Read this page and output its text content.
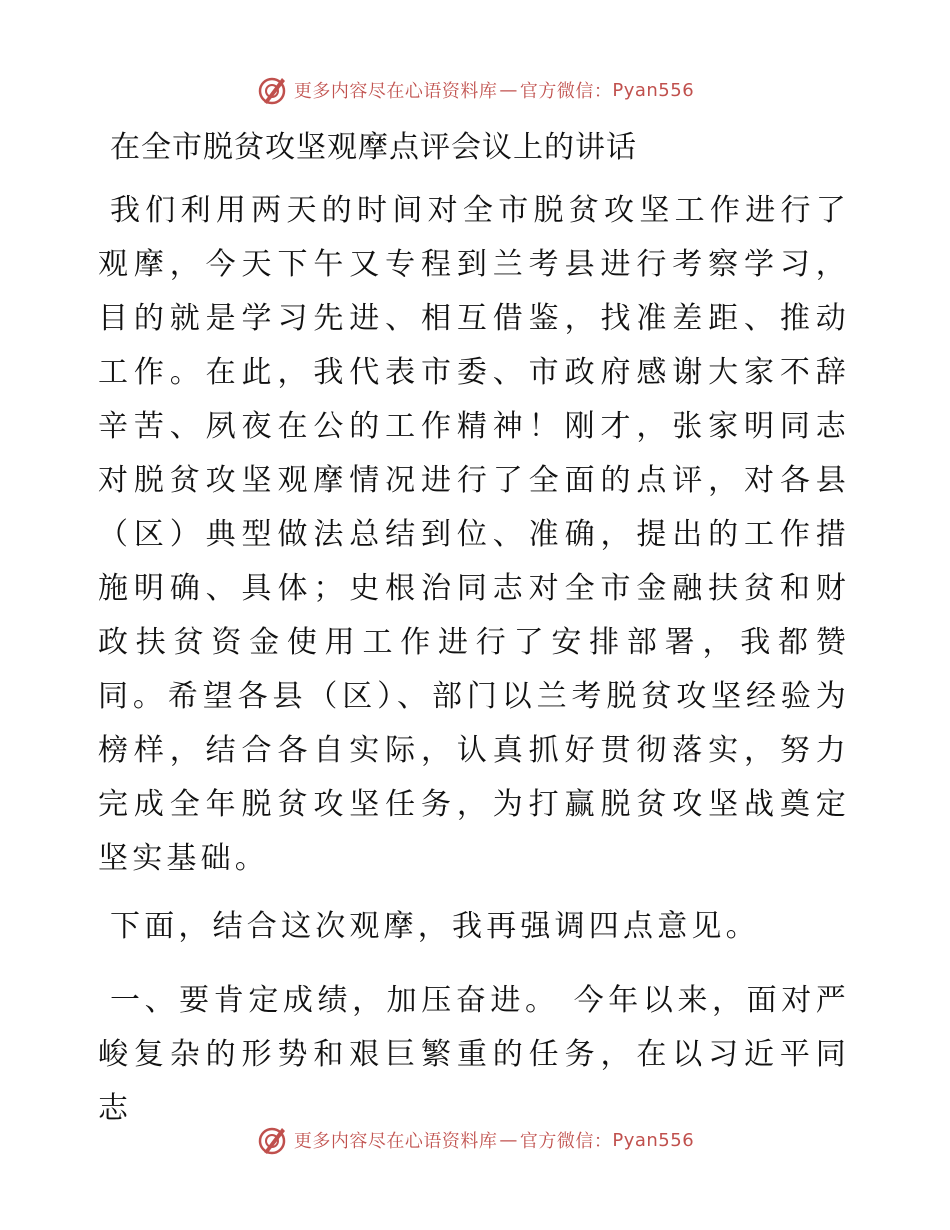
更多内容尽在心语资料库 — 官方微信： Pyan556
在全市脱贫攻坚观摩点评会议上的讲话

我们利用两天的时间对全市脱贫攻坚工作进行了观摩，今天下午又专程到兰考县进行考察学习，目的就是学习先进、相互借鉴，找准差距、推动工作。在此，我代表市委、市政府感谢大家不辞辛苦、夙夜在公的工作精神！刚才，张家明同志对脱贫攻坚观摩情况进行了全面的点评，对各县（区）典型做法总结到位、准确，提出的工作措施明确、具体；史根治同志对全市金融扶贫和财政扶贫资金使用工作进行了安排部署，我都赞同。希望各县（区）、部门以兰考脱贫攻坚经验为榜样，结合各自实际，认真抓好贯彻落实，努力完成全年脱贫攻坚任务，为打赢脱贫攻坚战奠定坚实基础。

下面，结合这次观摩，我再强调四点意见。

一、要肯定成绩，加压奋进。 今年以来，面对严峻复杂的形势和艰巨繁重的任务，在以习近平同志

更多内容尽在心语资料库 — 官方微信： Pyan556
